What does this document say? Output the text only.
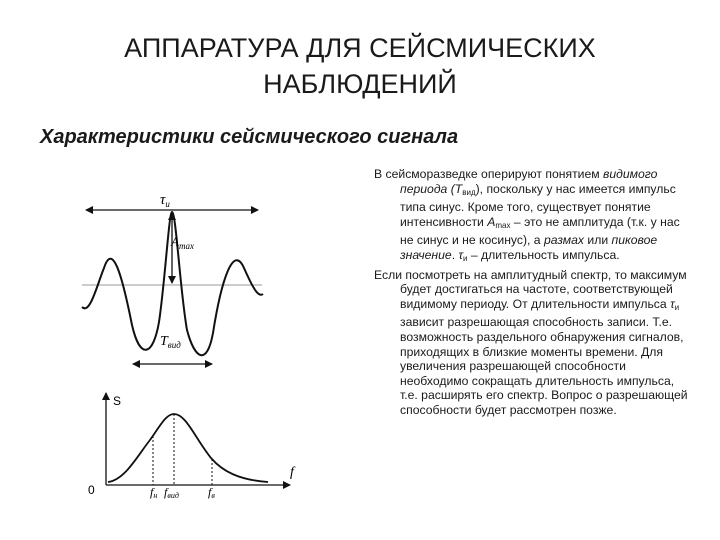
АППАРАТУРА ДЛЯ СЕЙСМИЧЕСКИХ
НАБЛЮДЕНИЙ
Характеристики сейсмического сигнала
$\tau_и$
$A_{max}$
$T_{вид}$
S
0
f
fн fвид fв

В сейсморазведке оперируют понятием видимого периода $(T_{вид})$, поскольку у нас имеется импульс типа синус. Кроме того, существует понятие интенсивности $A_{max}$ – это не амплитуда (т.к. у нас не синус и не косинус), а размах или пиковое значение. $\tau_и$ – длительность импульса.

Если посмотреть на амплитудный спектр, то максимум будет достигаться на частоте, соответствующей видимому периоду. От длительности импульса $\tau_и$ зависит разрешающая способность записи. Т.е. возможность раздельного обнаружения сигналов, приходящих в близкие моменты времени. Для увеличения разрешающей способности необходимо сокращать длительность импульса, т.е. расширять его спектр. Вопрос о разрешающей способности будет рассмотрен позже.
